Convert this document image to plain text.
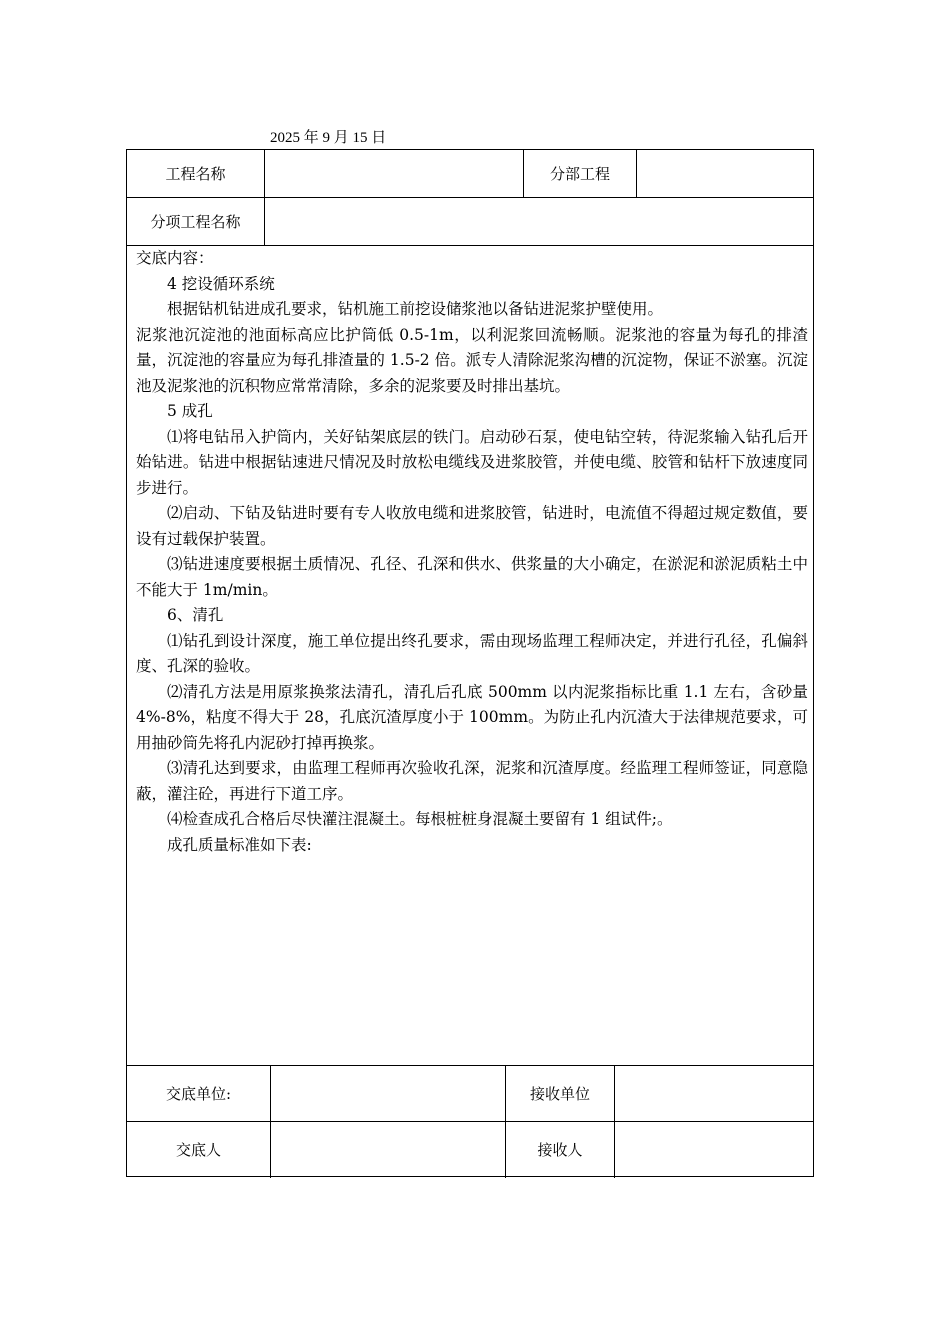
2025 年 9 月 15 日
工程名称	分部工程
分项工程名称

交底内容：

4 挖设循环系统

根据钻机钻进成孔要求，钻机施工前挖设储浆池以备钻进泥浆护壁使用。

泥浆池沉淀池的池面标高应比护筒低 0.5-1m，以利泥浆回流畅顺。泥浆池的容量为每孔的排渣量，沉淀池的容量应为每孔排渣量的 1.5-2 倍。派专人清除泥浆沟槽的沉淀物，保证不淤塞。沉淀池及泥浆池的沉积物应常常清除，多余的泥浆要及时排出基坑。

5 成孔

⑴将电钻吊入护筒内，关好钻架底层的铁门。启动砂石泵，使电钻空转，待泥浆输入钻孔后开始钻进。钻进中根据钻速进尺情况及时放松电缆线及进浆胶管，并使电缆、胶管和钻杆下放速度同步进行。

⑵启动、下钻及钻进时要有专人收放电缆和进浆胶管，钻进时，电流值不得超过规定数值，要设有过载保护装置。

⑶钻进速度要根据土质情况、孔径、孔深和供水、供浆量的大小确定，在淤泥和淤泥质粘土中不能大于 1m/min。

6、清孔

⑴钻孔到设计深度，施工单位提出终孔要求，需由现场监理工程师决定，并进行孔径，孔偏斜度、孔深的验收。

⑵清孔方法是用原浆换浆法清孔，清孔后孔底 500mm 以内泥浆指标比重 1.1 左右，含砂量 4%-8%，粘度不得大于 28，孔底沉渣厚度小于 100mm。为防止孔内沉渣大于法律规范要求，可用抽砂筒先将孔内泥砂打掉再换浆。

⑶清孔达到要求，由监理工程师再次验收孔深，泥浆和沉渣厚度。经监理工程师签证，同意隐蔽，灌注砼，再进行下道工序。

⑷检查成孔合格后尽快灌注混凝土。每根桩桩身混凝土要留有 1 组试件;。

成孔质量标准如下表:

交底单位:	接收单位
交底人	接收人
